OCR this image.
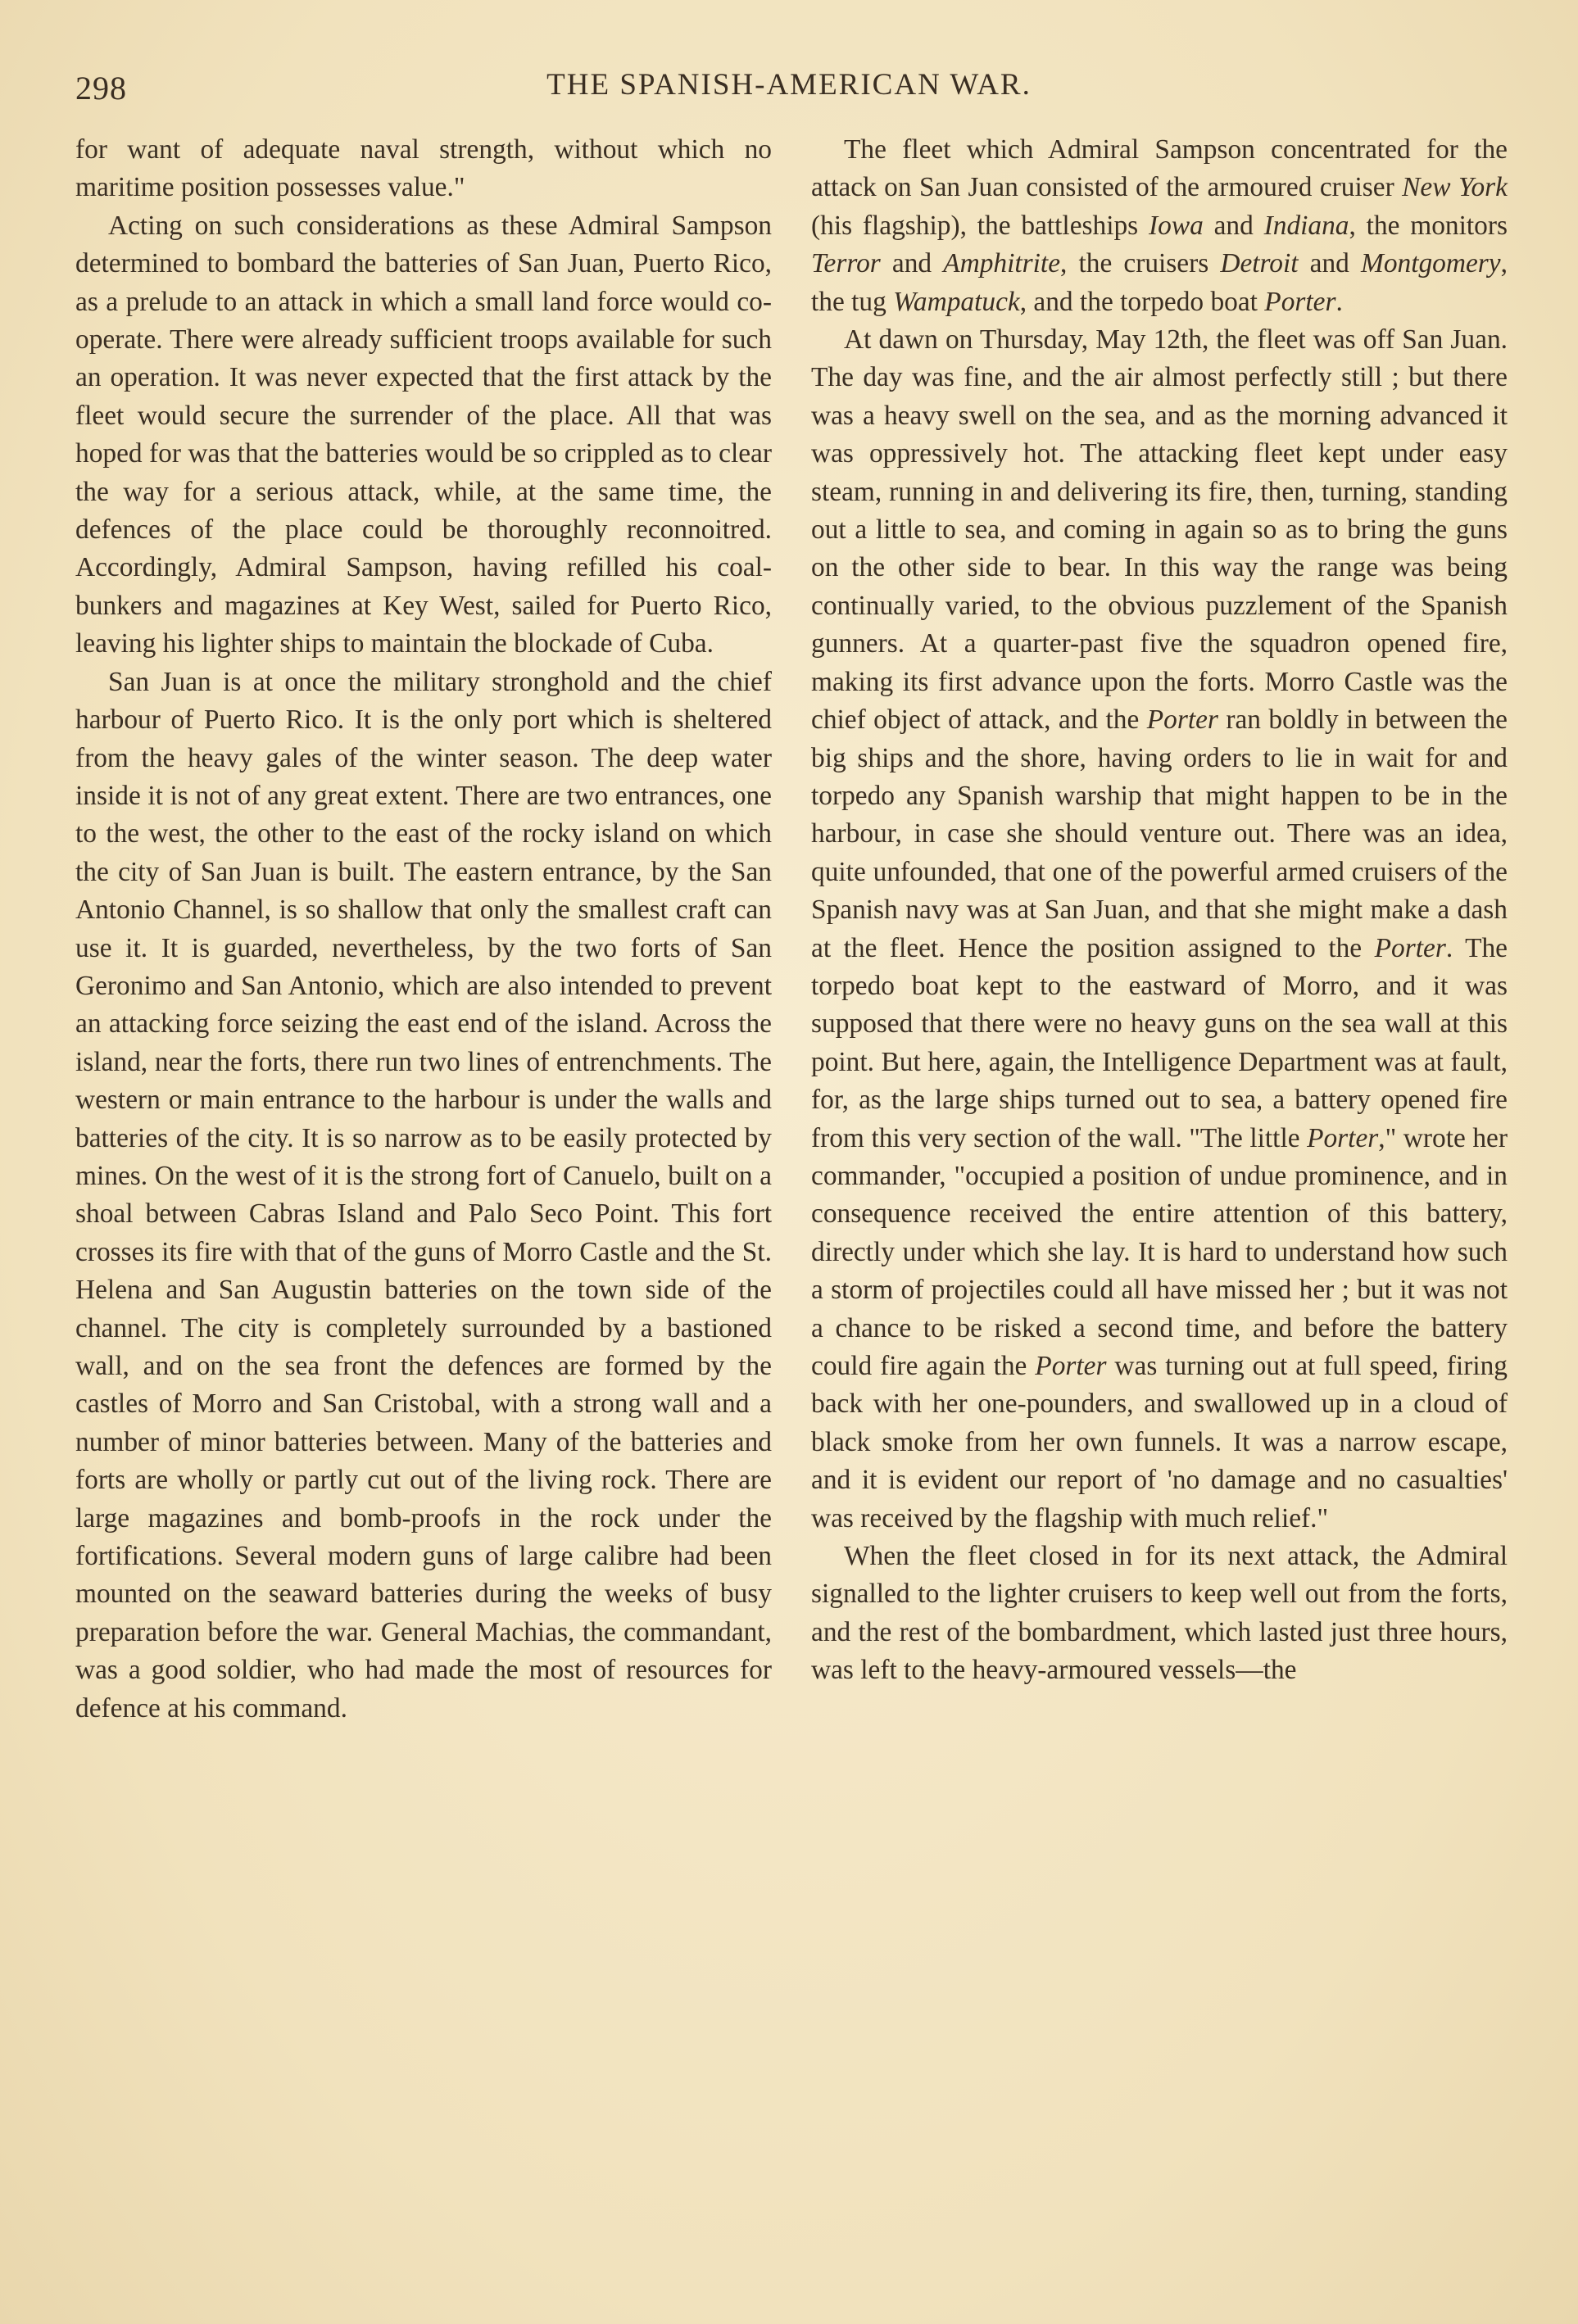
298	THE SPANISH-AMERICAN WAR.

for want of adequate naval strength, without which no maritime position possesses value."

Acting on such considerations as these Admiral Sampson determined to bombard the batteries of San Juan, Puerto Rico, as a prelude to an attack in which a small land force would co-operate. There were already sufficient troops available for such an operation. It was never expected that the first attack by the fleet would secure the surrender of the place. All that was hoped for was that the batteries would be so crippled as to clear the way for a serious attack, while, at the same time, the defences of the place could be thoroughly reconnoitred. Accordingly, Admiral Sampson, having refilled his coal-bunkers and magazines at Key West, sailed for Puerto Rico, leaving his lighter ships to maintain the blockade of Cuba.

San Juan is at once the military stronghold and the chief harbour of Puerto Rico. It is the only port which is sheltered from the heavy gales of the winter season. The deep water inside it is not of any great extent. There are two entrances, one to the west, the other to the east of the rocky island on which the city of San Juan is built. The eastern entrance, by the San Antonio Channel, is so shallow that only the smallest craft can use it. It is guarded, nevertheless, by the two forts of San Geronimo and San Antonio, which are also intended to prevent an attacking force seizing the east end of the island. Across the island, near the forts, there run two lines of entrenchments. The western or main entrance to the harbour is under the walls and batteries of the city. It is so narrow as to be easily protected by mines. On the west of it is the strong fort of Canuelo, built on a shoal between Cabras Island and Palo Seco Point. This fort crosses its fire with that of the guns of Morro Castle and the St. Helena and San Augustin batteries on the town side of the channel. The city is completely surrounded by a bastioned wall, and on the sea front the defences are formed by the castles of Morro and San Cristobal, with a strong wall and a number of minor batteries between. Many of the batteries and forts are wholly or partly cut out of the living rock. There are large magazines and bomb-proofs in the rock under the fortifications. Several modern guns of large calibre had been mounted on the seaward batteries during the weeks of busy preparation before the war. General Machias, the commandant, was a good soldier, who had made the most of resources for defence at his command.

The fleet which Admiral Sampson concentrated for the attack on San Juan consisted of the armoured cruiser New York (his flagship), the battleships Iowa and Indiana, the monitors Terror and Amphitrite, the cruisers Detroit and Montgomery, the tug Wampatuck, and the torpedo boat Porter.

At dawn on Thursday, May 12th, the fleet was off San Juan. The day was fine, and the air almost perfectly still ; but there was a heavy swell on the sea, and as the morning advanced it was oppressively hot. The attacking fleet kept under easy steam, running in and delivering its fire, then, turning, standing out a little to sea, and coming in again so as to bring the guns on the other side to bear. In this way the range was being continually varied, to the obvious puzzlement of the Spanish gunners. At a quarter-past five the squadron opened fire, making its first advance upon the forts. Morro Castle was the chief object of attack, and the Porter ran boldly in between the big ships and the shore, having orders to lie in wait for and torpedo any Spanish warship that might happen to be in the harbour, in case she should venture out. There was an idea, quite unfounded, that one of the powerful armed cruisers of the Spanish navy was at San Juan, and that she might make a dash at the fleet. Hence the position assigned to the Porter. The torpedo boat kept to the eastward of Morro, and it was supposed that there were no heavy guns on the sea wall at this point. But here, again, the Intelligence Department was at fault, for, as the large ships turned out to sea, a battery opened fire from this very section of the wall. "The little Porter," wrote her commander, "occupied a position of undue prominence, and in consequence received the entire attention of this battery, directly under which she lay. It is hard to understand how such a storm of projectiles could all have missed her ; but it was not a chance to be risked a second time, and before the battery could fire again the Porter was turning out at full speed, firing back with her one-pounders, and swallowed up in a cloud of black smoke from her own funnels. It was a narrow escape, and it is evident our report of 'no damage and no casualties' was received by the flagship with much relief."

When the fleet closed in for its next attack, the Admiral signalled to the lighter cruisers to keep well out from the forts, and the rest of the bombardment, which lasted just three hours, was left to the heavy-armoured vessels—the
